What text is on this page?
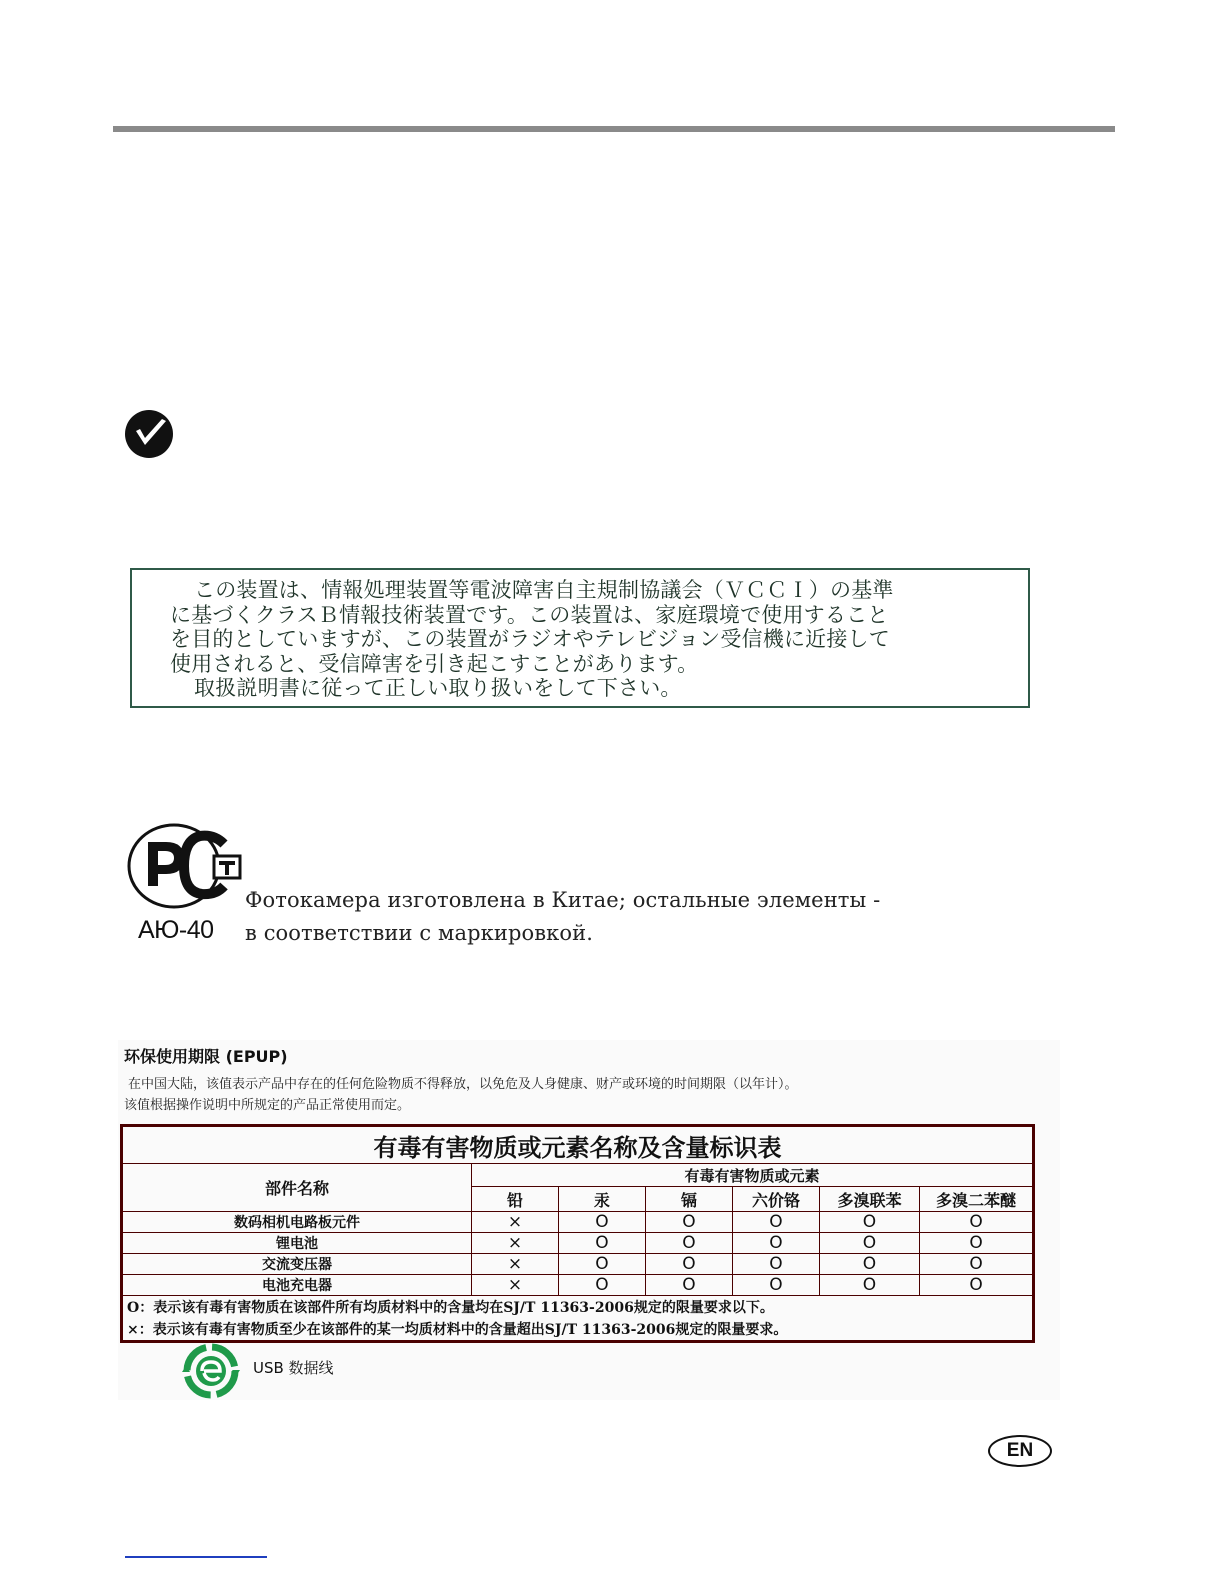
この装置は、情報処理装置等電波障害自主規制協議会（ＶＣＣＩ）の基準
に基づくクラスＢ情報技術装置です。この装置は、家庭環境で使用すること
を目的としていますが、この装置がラジオやテレビジョン受信機に近接して
使用されると、受信障害を引き起こすことがあります。
取扱説明書に従って正しい取り扱いをして下さい。
АЮ-40
Фотокамера изготовлена в Китае; остальные элементы -
в соответствии с маркировкой.
环保使用期限 (EPUP)
在中国大陆，该值表示产品中存在的任何危险物质不得释放，以免危及人身健康、财产或环境的时间期限（以年计）。
该值根据操作说明中所规定的产品正常使用而定。
有毒有害物质或元素名称及含量标识表						
部件名称	有毒有害物质或元素					
	铅	汞	镉	六价铬	多溴联苯	多溴二苯醚
数码相机电路板元件	×	O	O	O	O	O
锂电池	×	O	O	O	O	O
交流变压器	×	O	O	O	O	O
电池充电器	×	O	O	O	O	O
O：表示该有毒有害物质在该部件所有均质材料中的含量均在SJ/T 11363-2006规定的限量要求以下。						
×：表示该有毒有害物质至少在该部件的某一均质材料中的含量超出SJ/T 11363-2006规定的限量要求。						
USB 数据线
EN
